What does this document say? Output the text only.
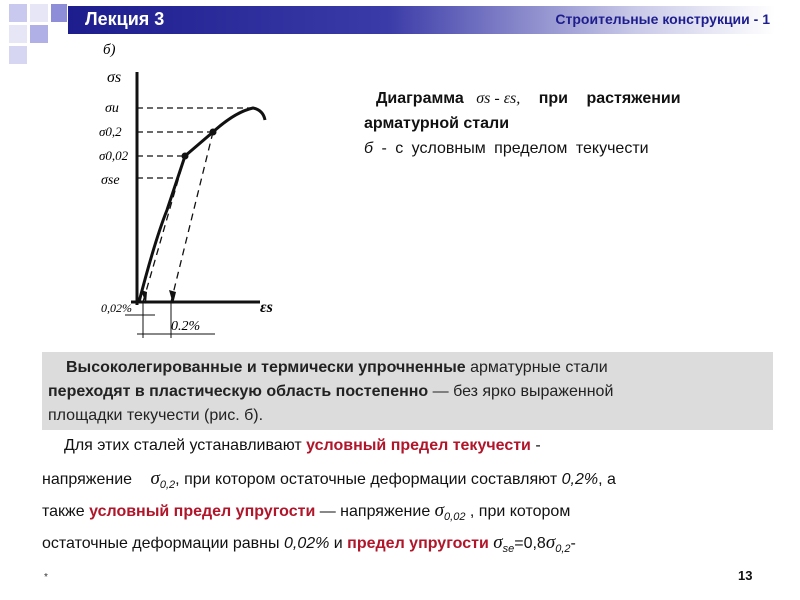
Лекция 3	Строительные конструкции - 1
б)
σs
σu
σ0,2
σ0,02
σse
εs
0,02%
0.2%
Диаграмма σs - εs, при растяжении
арматурной стали
б - с условным пределом текучести
Высоколегированные и термически упрочненные арматурные стали
переходят в пластическую область постепенно — без ярко выраженной
площадки текучести (рис. б).
Для этих сталей устанавливают условный предел текучести -
напряжение $\sigma_{0,2}$, при котором остаточные деформации составляют 0,2%, а
также условный предел упругости — напряжение $\sigma_{0,02}$ , при котором
остаточные деформации равны 0,02% и предел упругости $\sigma_{se}=0,8\sigma_{0,2}-$
*	13
